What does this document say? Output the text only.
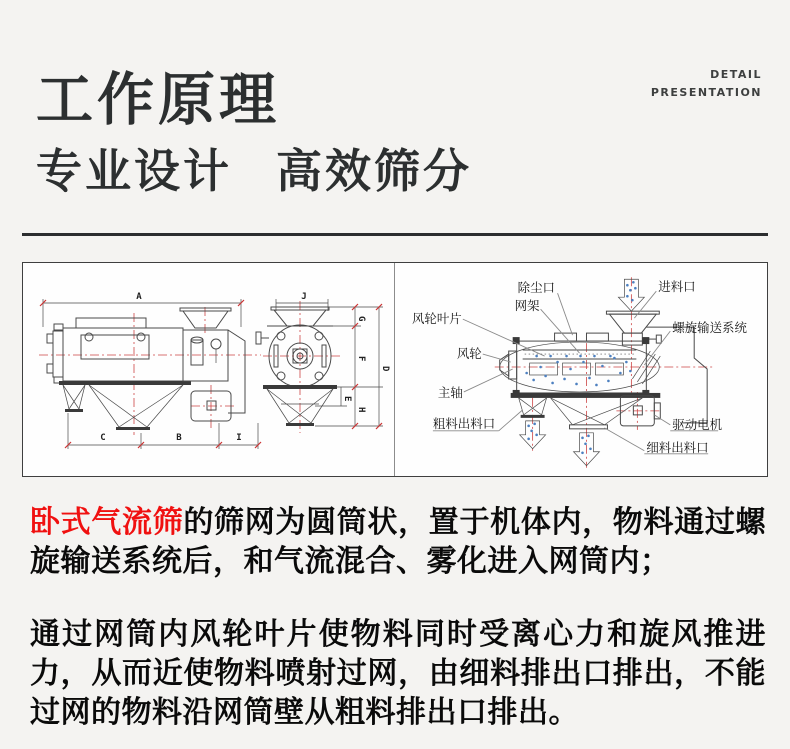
工作原理	DETAIL
PRESENTATION
专业设计 高效筛分
A
C	B	I
J
G
F
E
H
D
风轮叶片
除尘口
网架
进料口
螺旋输送系统
风轮
主轴
粗料出料口	驱动电机
细料出料口
卧式气流筛的筛网为圆筒状，置于机体内，物料通过螺旋输送系统后，和气流混合、雾化进入网筒内；
通过网筒内风轮叶片使物料同时受离心力和旋风推进力，从而近使物料喷射过网，由细料排出口排出，不能过网的物料沿网筒壁从粗料排出口排出。
